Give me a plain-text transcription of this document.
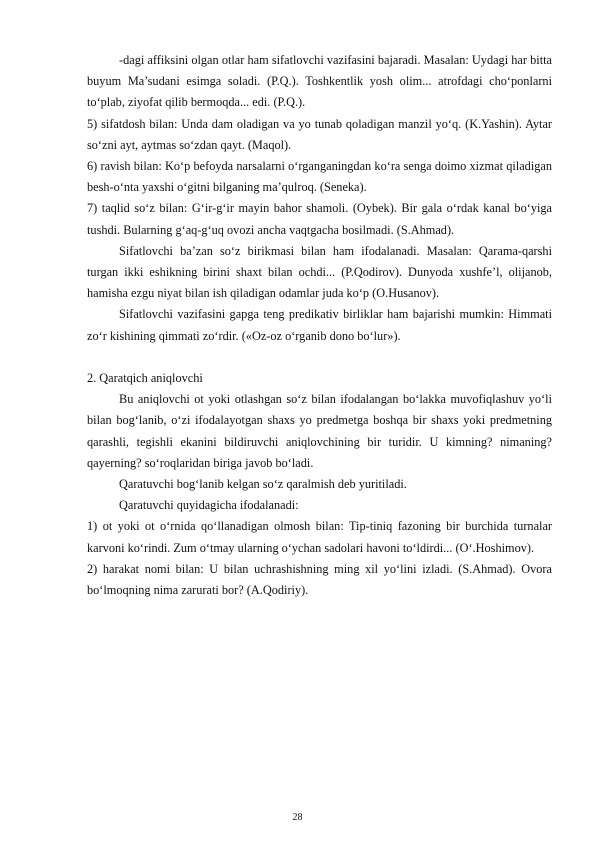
-dagi affiksini olgan otlar ham sifatlovchi vazifasini bajaradi. Masalan: Uydagi har bitta buyum Ma’sudani esimga soladi. (P.Q.). Toshkentlik yosh olim... atrofdagi cho‘ponlarni to‘plab, ziyofat qilib bermoqda... edi. (P.Q.).

5) sifatdosh bilan: Unda dam oladigan va yo tunab qoladigan manzil yo‘q. (K.Yashin). Aytar so‘zni ayt, aytmas so‘zdan qayt. (Maqol).

6) ravish bilan: Ko‘p befoyda narsalarni o‘rganganingdan ko‘ra senga doimo xizmat qiladigan besh-o‘nta yaxshi o‘gitni bilganing ma’qulroq. (Seneka).

7) taqlid so‘z bilan: G‘ir-g‘ir mayin bahor shamoli. (Oybek). Bir gala o‘rdak kanal bo‘yiga tushdi. Bularning g‘aq-g‘uq ovozi ancha vaqtgacha bosilmadi. (S.Ahmad).

Sifatlovchi ba’zan so‘z birikmasi bilan ham ifodalanadi. Masalan: Qarama-qarshi turgan ikki eshikning birini shaxt bilan ochdi... (P.Qodirov). Dunyoda xushfe’l, olijanob, hamisha ezgu niyat bilan ish qiladigan odamlar juda ko‘p (O.Husanov).

Sifatlovchi vazifasini gapga teng predikativ birliklar ham bajarishi mumkin: Himmati zo‘r kishining qimmati zo‘rdir. («Oz-oz o‘rganib dono bo‘lur»).

2. Qaratqich aniqlovchi

Bu aniqlovchi ot yoki otlashgan so‘z bilan ifodalangan bo‘lakka muvofiqlashuv yo‘li bilan bog‘lanib, o‘zi ifodalayotgan shaxs yo predmetga boshqa bir shaxs yoki predmetning qarashli, tegishli ekanini bildiruvchi aniqlovchining bir turidir. U kimning? nimaning? qayerning? so‘roqlaridan biriga javob bo‘ladi.

Qaratuvchi bog‘lanib kelgan so‘z qaralmish deb yuritiladi.

Qaratuvchi quyidagicha ifodalanadi:

1) ot yoki ot o‘rnida qo‘llanadigan olmosh bilan: Tip-tiniq fazoning bir burchida turnalar karvoni ko‘rindi. Zum o‘tmay ularning o‘ychan sadolari havoni to‘ldirdi... (O‘.Hoshimov).

2) harakat nomi bilan: U bilan uchrashishning ming xil yo‘lini izladi. (S.Ahmad). Ovora bo‘lmoqning nima zarurati bor? (A.Qodiriy).

28
